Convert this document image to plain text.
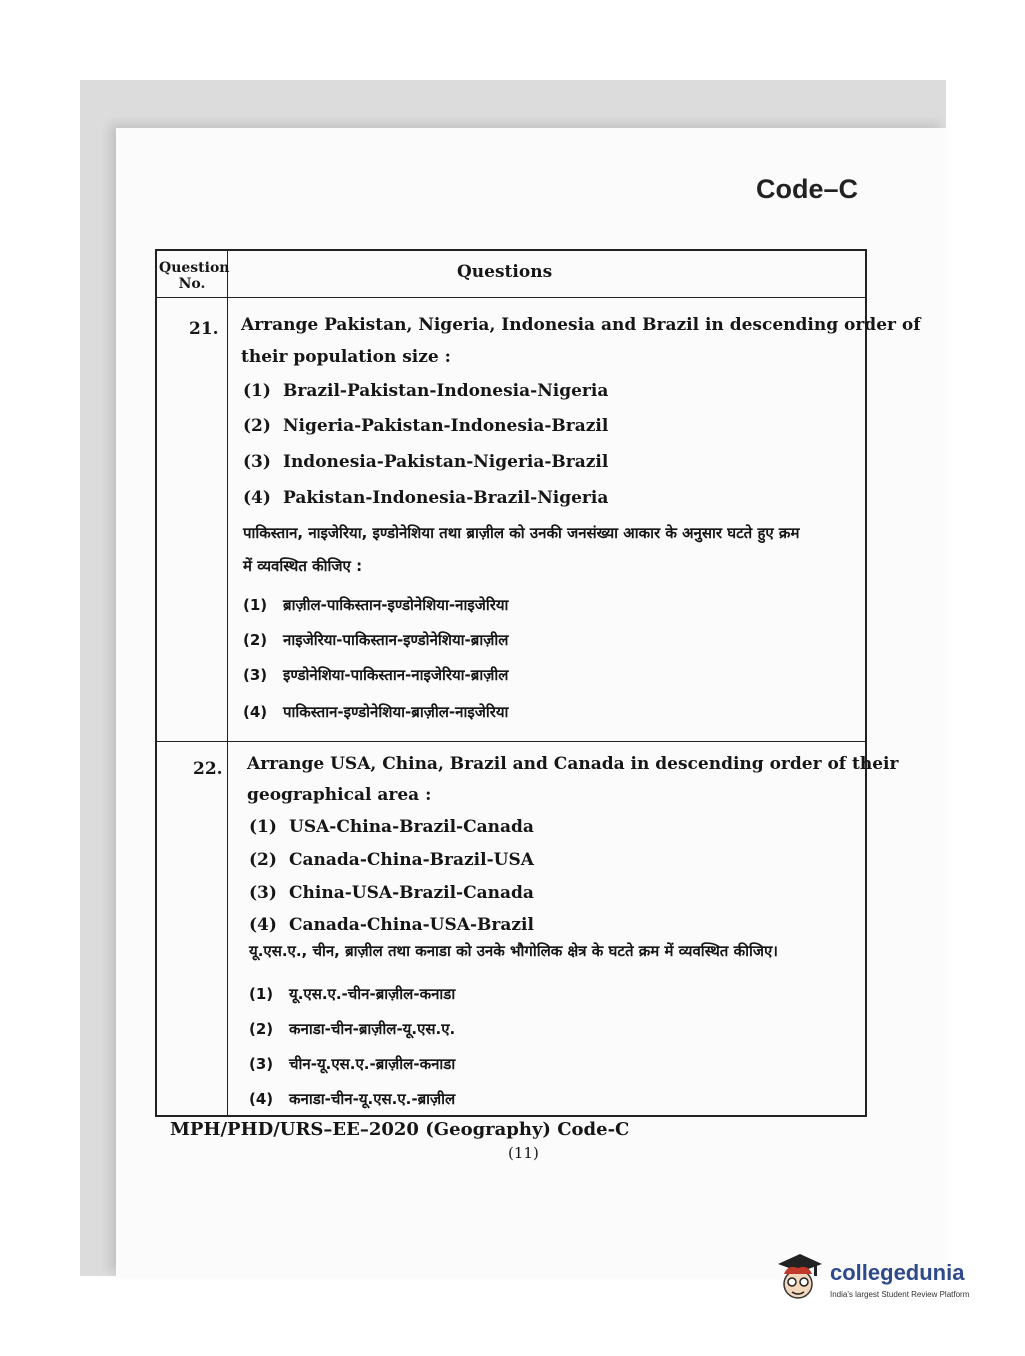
Code–C
Question No.
Questions
21. Arrange Pakistan, Nigeria, Indonesia and Brazil in descending order of
their population size :
(1) Brazil-Pakistan-Indonesia-Nigeria
(2) Nigeria-Pakistan-Indonesia-Brazil
(3) Indonesia-Pakistan-Nigeria-Brazil
(4) Pakistan-Indonesia-Brazil-Nigeria
पाकिस्तान, नाइजेरिया, इण्डोनेशिया तथा ब्राज़ील को उनकी जनसंख्या आकार के अनुसार घटते हुए क्रम
में व्यवस्थित कीजिए :
(1) ब्राज़ील-पाकिस्तान-इण्डोनेशिया-नाइजेरिया
(2) नाइजेरिया-पाकिस्तान-इण्डोनेशिया-ब्राज़ील
(3) इण्डोनेशिया-पाकिस्तान-नाइजेरिया-ब्राज़ील
(4) पाकिस्तान-इण्डोनेशिया-ब्राज़ील-नाइजेरिया
22. Arrange USA, China, Brazil and Canada in descending order of their
geographical area :
(1) USA-China-Brazil-Canada
(2) Canada-China-Brazil-USA
(3) China-USA-Brazil-Canada
(4) Canada-China-USA-Brazil
यू.एस.ए., चीन, ब्राज़ील तथा कनाडा को उनके भौगोलिक क्षेत्र के घटते क्रम में व्यवस्थित कीजिए।
(1) यू.एस.ए.-चीन-ब्राज़ील-कनाडा
(2) कनाडा-चीन-ब्राज़ील-यू.एस.ए.
(3) चीन-यू.एस.ए.-ब्राज़ील-कनाडा
(4) कनाडा-चीन-यू.एस.ए.-ब्राज़ील
MPH/PHD/URS–EE–2020 (Geography) Code-C
(11)
collegedunia
India's largest Student Review Platform
